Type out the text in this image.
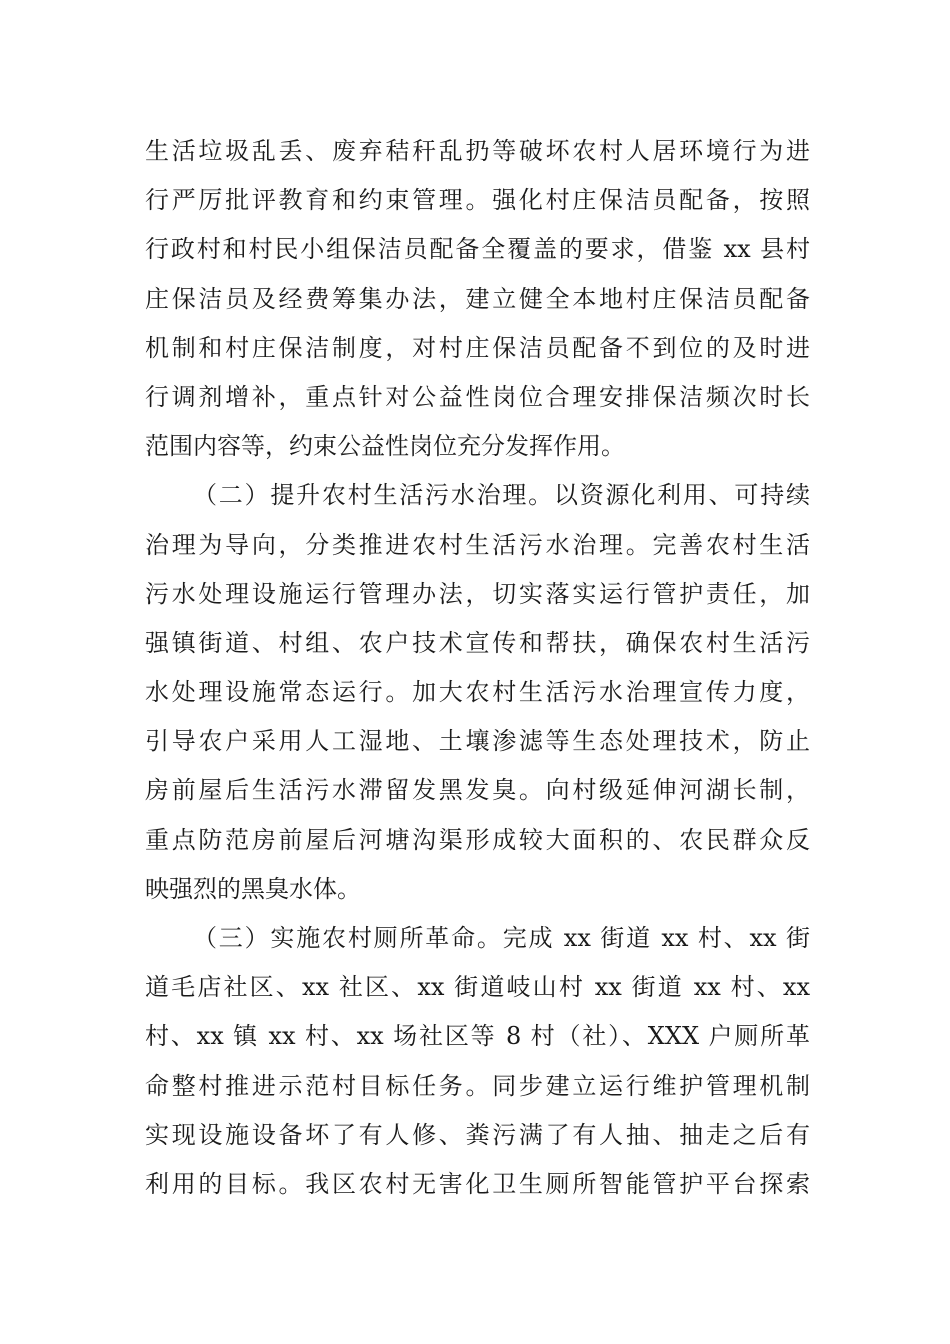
生活垃圾乱丢、废弃秸秆乱扔等破坏农村人居环境行为进
行严厉批评教育和约束管理。强化村庄保洁员配备，按照
行政村和村民小组保洁员配备全覆盖的要求，借鉴 xx 县村
庄保洁员及经费筹集办法，建立健全本地村庄保洁员配备
机制和村庄保洁制度，对村庄保洁员配备不到位的及时进
行调剂增补，重点针对公益性岗位合理安排保洁频次时长
范围内容等，约束公益性岗位充分发挥作用。
（二）提升农村生活污水治理。以资源化利用、可持续
治理为导向，分类推进农村生活污水治理。完善农村生活
污水处理设施运行管理办法，切实落实运行管护责任，加
强镇街道、村组、农户技术宣传和帮扶，确保农村生活污
水处理设施常态运行。加大农村生活污水治理宣传力度，
引导农户采用人工湿地、土壤渗滤等生态处理技术，防止
房前屋后生活污水滞留发黑发臭。向村级延伸河湖长制，
重点防范房前屋后河塘沟渠形成较大面积的、农民群众反
映强烈的黑臭水体。
（三）实施农村厕所革命。完成 xx 街道 xx 村、xx 街
道毛店社区、xx 社区、xx 街道岐山村 xx 街道 xx 村、xx
村、xx 镇 xx 村、xx 场社区等 8 村（社）、XXX 户厕所革
命整村推进示范村目标任务。同步建立运行维护管理机制
实现设施设备坏了有人修、粪污满了有人抽、抽走之后有
利用的目标。我区农村无害化卫生厕所智能管护平台探索
